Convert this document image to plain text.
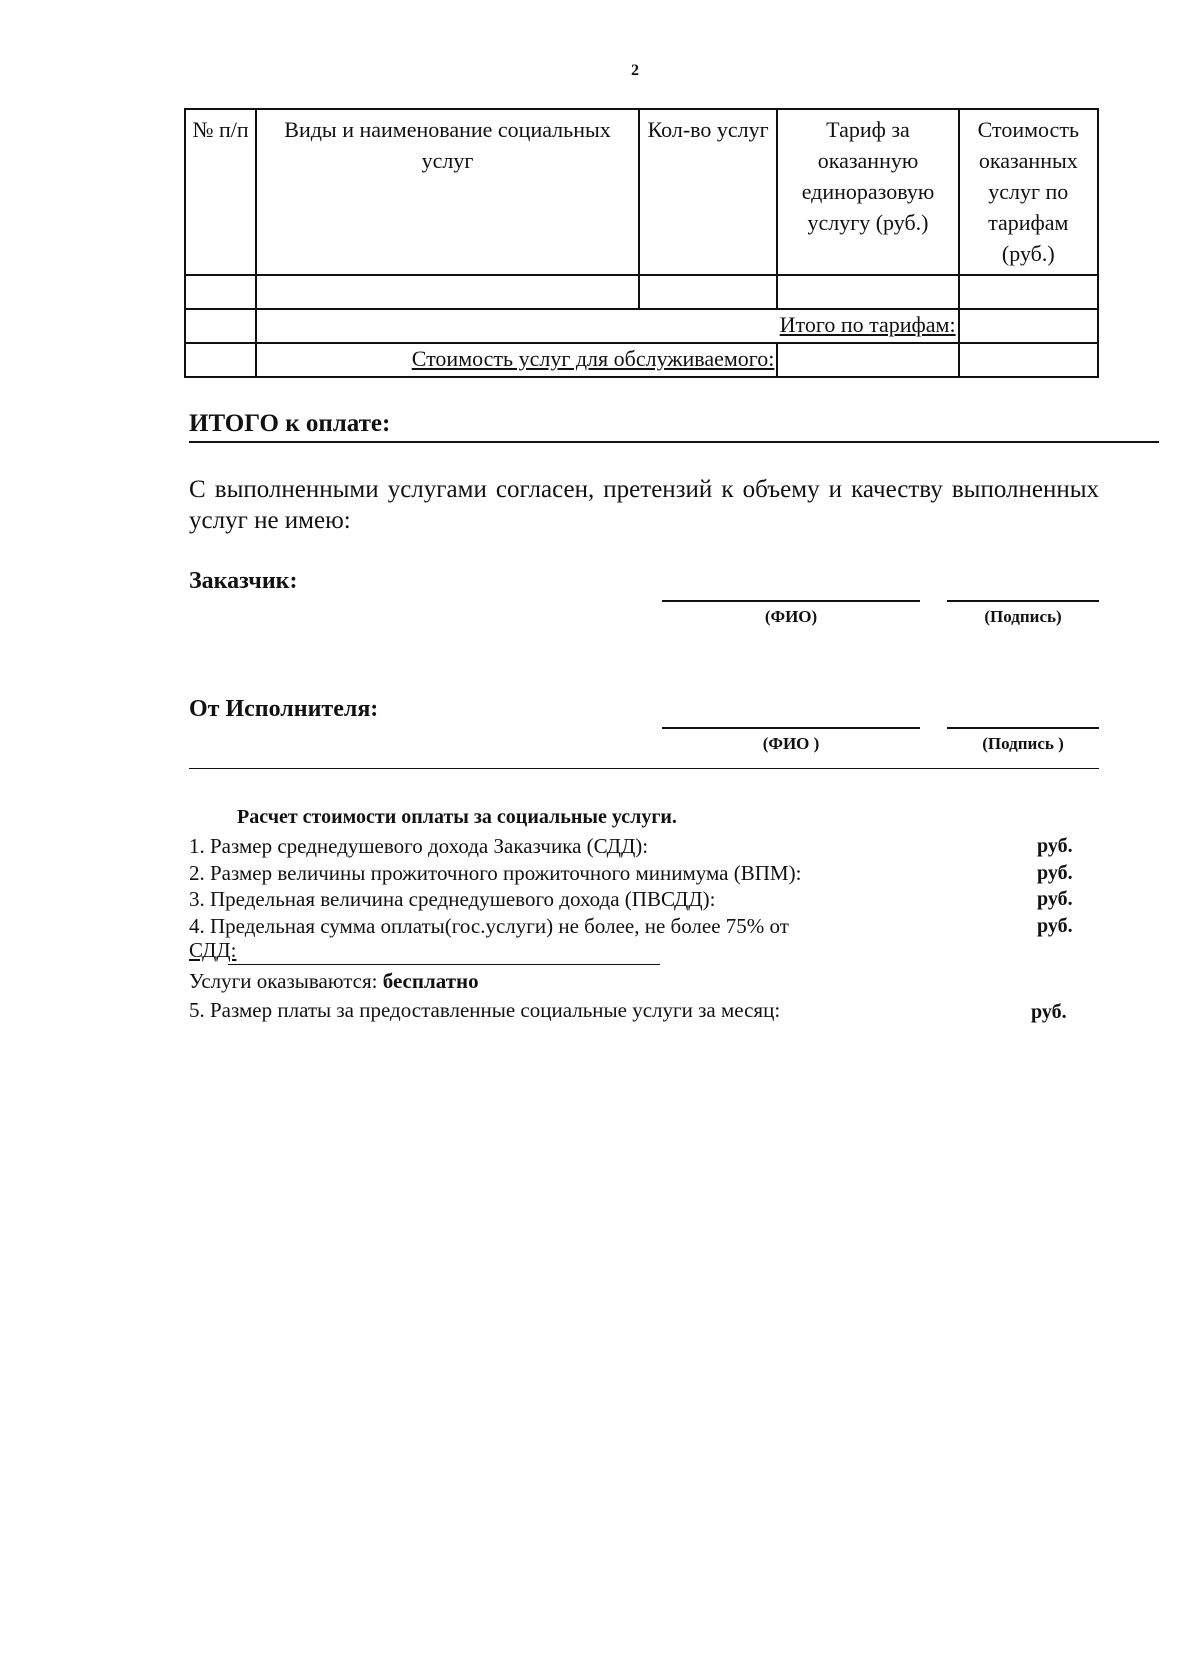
2
№ п/п	Виды и наименование социальных услуг	Кол-во услуг	Тариф за оказанную единоразовую услугу (руб.)	Стоимость оказанных услуг по тарифам (руб.)

	Итого по тарифам:			
	Стоимость услуг для обслуживаемого:			
ИТОГО к оплате:
С выполненными услугами согласен, претензий к объему и качеству выполненных услуг не имею:
Заказчик:
(ФИО)	(Подпись)
От Исполнителя:
(ФИО )	(Подпись )
Расчет стоимости оплаты за социальные услуги.
1. Размер среднедушевого дохода Заказчика (СДД):	руб.
2. Размер величины прожиточного прожиточного минимума (ВПМ):	руб.
3. Предельная величина среднедушевого дохода (ПВСДД):	руб.
4. Предельная сумма оплаты(гос.услуги) не более, не более 75% от	руб.
СДД:
Услуги оказываются: бесплатно
5. Размер платы за предоставленные социальные услуги за месяц:	руб.
